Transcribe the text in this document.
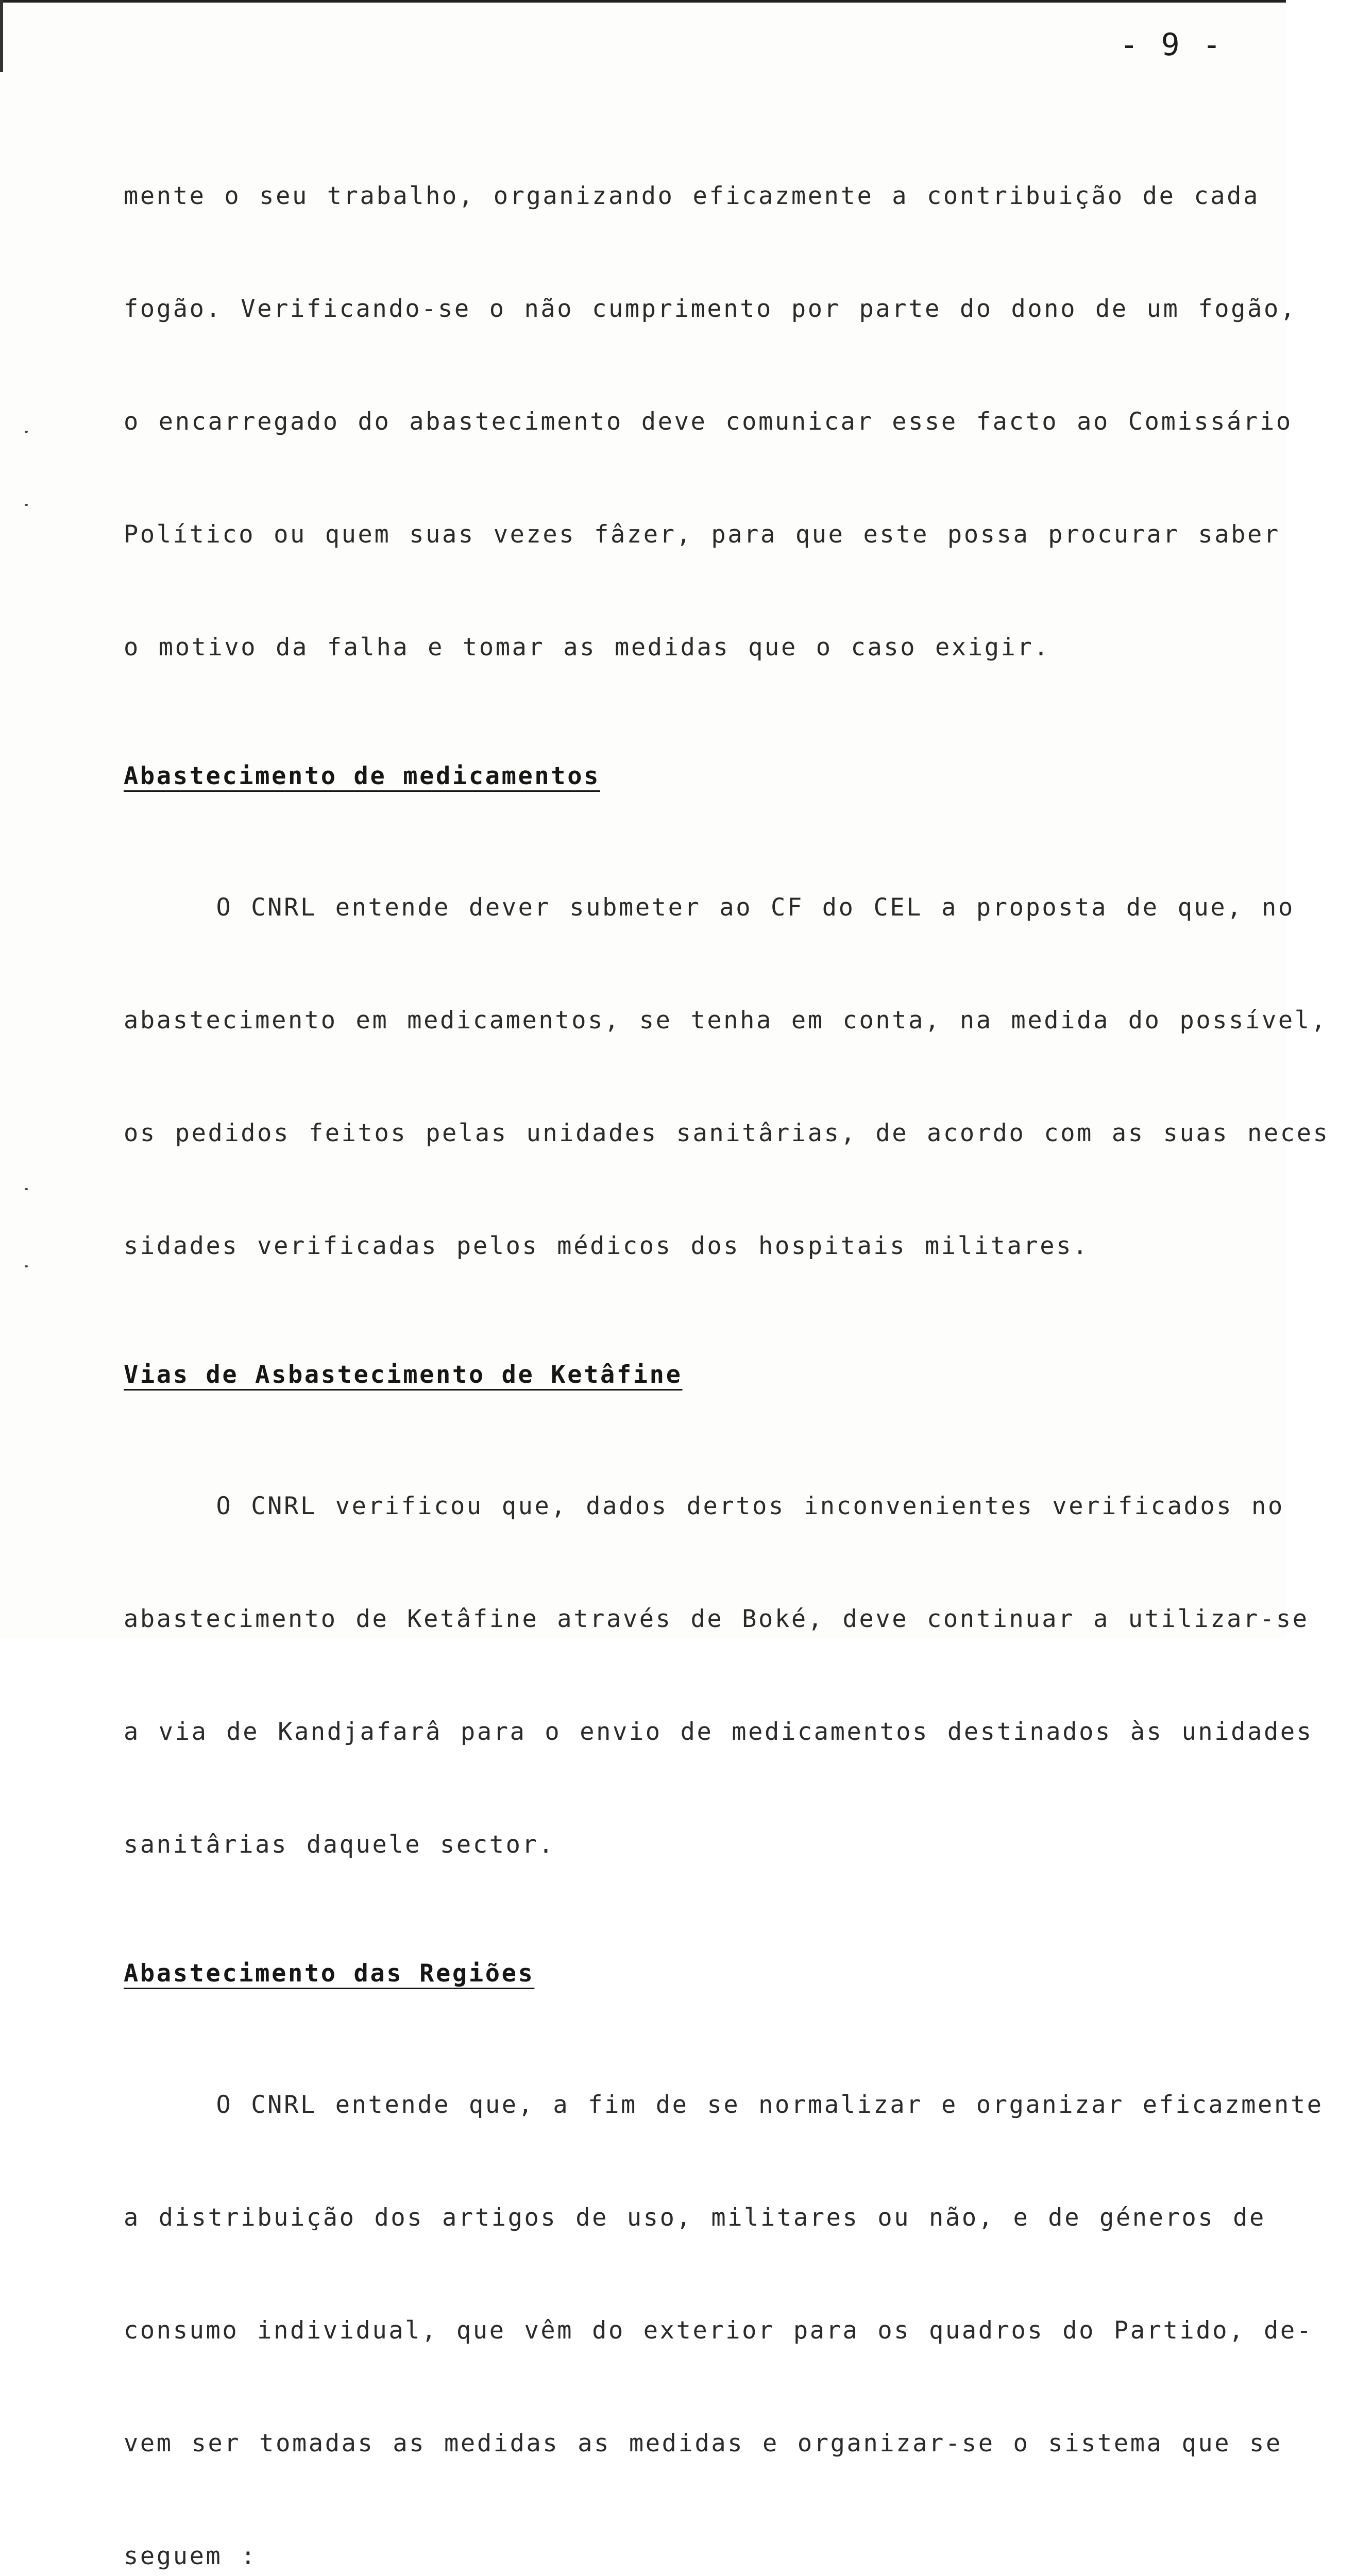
- 9 -

mente o seu trabalho, organizando eficazmente a contribuição de cada

fogão. Verificando-se o não cumprimento por parte do dono de um fogão,

o encarregado do abastecimento deve comunicar esse facto ao Comissário

Político ou quem suas vezes fâzer, para que este possa procurar saber

o motivo da falha e tomar as medidas que o caso exigir.

Abastecimento de medicamentos

O CNRL entende dever submeter ao CF do CEL a proposta de que, no

abastecimento em medicamentos, se tenha em conta, na medida do possível,

os pedidos feitos pelas unidades sanitârias, de acordo com as suas neces

sidades verificadas pelos médicos dos hospitais militares.

Vias de Asbastecimento de Ketâfine

O CNRL verificou que, dados dertos inconvenientes verificados no

abastecimento de Ketâfine através de Boké, deve continuar a utilizar-se

a via de Kandjafarâ para o envio de medicamentos destinados às unidades

sanitârias daquele sector.

Abastecimento das Regiões

O CNRL entende que, a fim de se normalizar e organizar eficazmente

a distribuição dos artigos de uso, militares ou não, e de géneros de

consumo individual, que vêm do exterior para os quadros do Partido, de-

vem ser tomadas as medidas as medidas e organizar-se o sistema que se

seguem :
